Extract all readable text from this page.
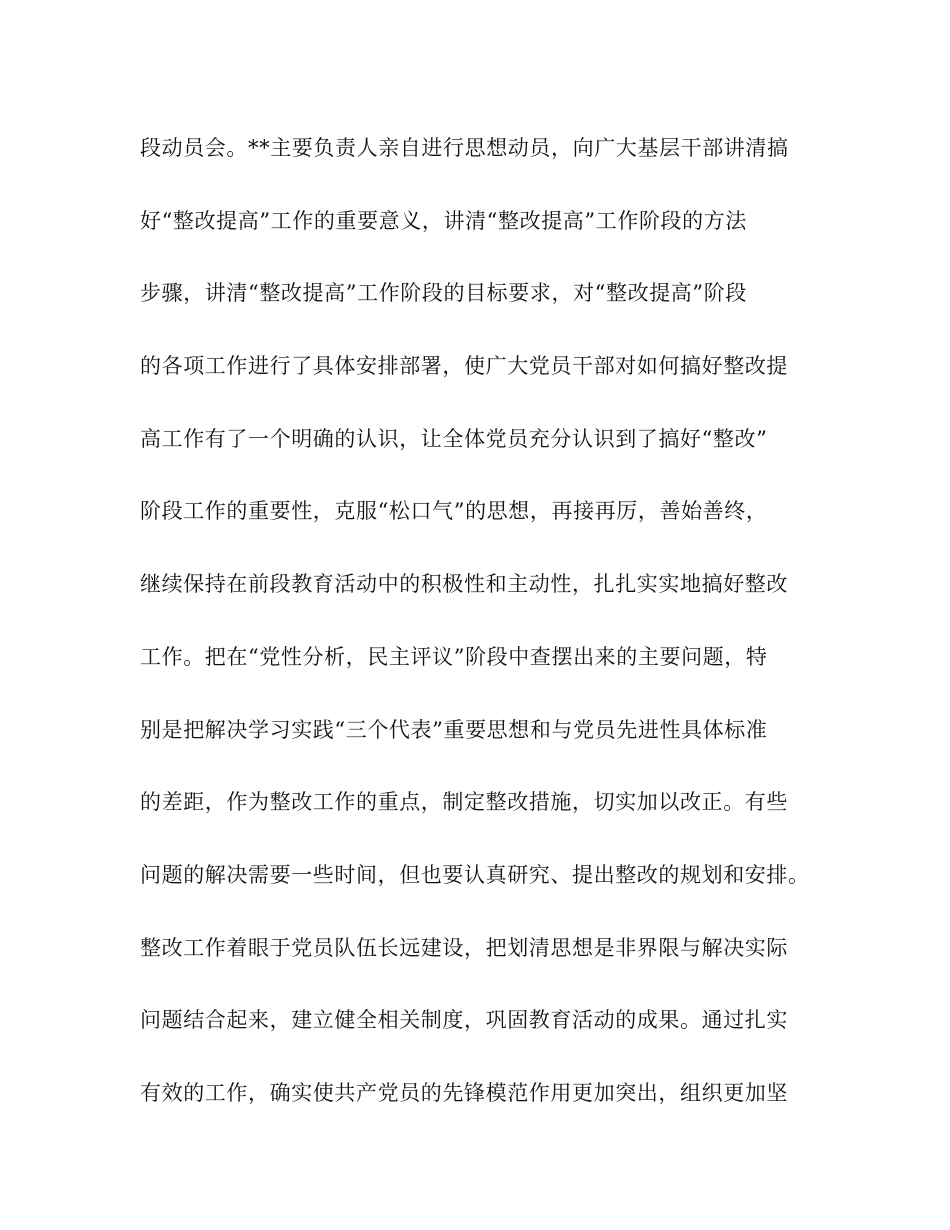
段动员会。**主要负责人亲自进行思想动员，向广大基层干部讲清搞
好“整改提高”工作的重要意义，讲清“整改提高”工作阶段的方法
步骤，讲清“整改提高”工作阶段的目标要求，对“整改提高”阶段
的各项工作进行了具体安排部署，使广大党员干部对如何搞好整改提
高工作有了一个明确的认识，让全体党员充分认识到了搞好“整改”
阶段工作的重要性，克服“松口气”的思想，再接再厉，善始善终，
继续保持在前段教育活动中的积极性和主动性，扎扎实实地搞好整改
工作。把在“党性分析，民主评议”阶段中查摆出来的主要问题，特
别是把解决学习实践“三个代表”重要思想和与党员先进性具体标准
的差距，作为整改工作的重点，制定整改措施，切实加以改正。有些
问题的解决需要一些时间，但也要认真研究、提出整改的规划和安排。
整改工作着眼于党员队伍长远建设，把划清思想是非界限与解决实际
问题结合起来，建立健全相关制度，巩固教育活动的成果。通过扎实
有效的工作，确实使共产党员的先锋模范作用更加突出，组织更加坚
